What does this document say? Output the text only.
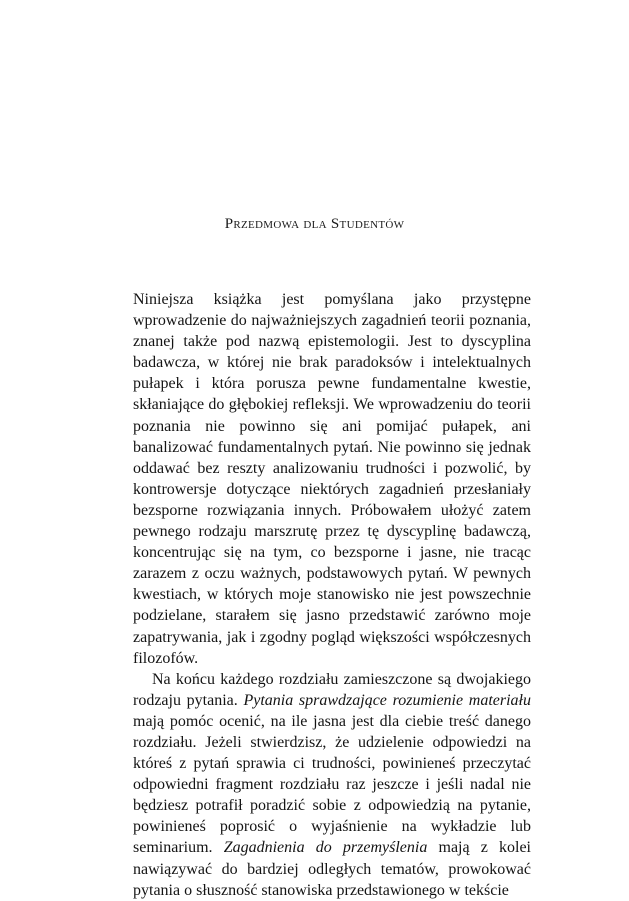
Przedmowa dla Studentów

Niniejsza książka jest pomyślana jako przystępne wprowadzenie do najważniejszych zagadnień teorii poznania, znanej także pod nazwą epistemologii. Jest to dyscyplina badawcza, w której nie brak paradoksów i intelektualnych pułapek i która porusza pewne fundamentalne kwestie, skłaniające do głębokiej refleksji. We wprowadzeniu do teorii poznania nie powinno się ani pomijać pułapek, ani banalizować fundamentalnych pytań. Nie powinno się jednak oddawać bez reszty analizowaniu trudności i pozwolić, by kontrowersje dotyczące niektórych zagadnień przesłaniały bezsporne rozwiązania innych. Próbowałem ułożyć zatem pewnego rodzaju marszrutę przez tę dyscyplinę badawczą, koncentrując się na tym, co bezsporne i jasne, nie tracąc zarazem z oczu ważnych, podstawowych pytań. W pewnych kwestiach, w których moje stanowisko nie jest powszechnie podzielane, starałem się jasno przedstawić zarówno moje zapatrywania, jak i zgodny pogląd większości współczesnych filozofów.

Na końcu każdego rozdziału zamieszczone są dwojakiego rodzaju pytania. Pytania sprawdzające rozumienie materiału mają pomóc ocenić, na ile jasna jest dla ciebie treść danego rozdziału. Jeżeli stwierdzisz, że udzielenie odpowiedzi na któreś z pytań sprawia ci trudności, powinieneś przeczytać odpowiedni fragment rozdziału raz jeszcze i jeśli nadal nie będziesz potrafił poradzić sobie z odpowiedzią na pytanie, powinieneś poprosić o wyjaśnienie na wykładzie lub seminarium. Zagadnienia do przemyślenia mają z kolei nawiązywać do bardziej odległych tematów, prowokować pytania o słuszność stanowiska przedstawionego w tekście
